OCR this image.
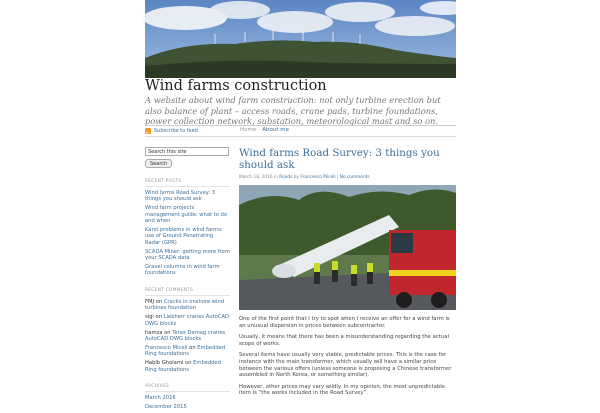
Wind farms construction
A website about wind farm construction: not only turbine erection but also balance of plant – access roads, crane pads, turbine foundations, power collection network, substation, meteorological mast and so on.
Subscribe to feed	Home About me
Search this site
Search
RECENT POSTS
Wind farms Road Survey: 3 things you should ask
Wind farm projects management guide: what to do and when
Karst problems in wind farms: use of Ground Penetrating Radar (GPR)
SCADA Miner: getting more from your SCADA data
Gravel columns in wind farm foundations
RECENT COMMENTS
FMJ on Cracks in onshore wind turbines foundation
sigi on Liebherr cranes AutoCAD DWG blocks
hamza on Terex Demag cranes AutoCAD DWG blocks
Francesco Miceli on Embedded Ring foundations
Habib Gholami on Embedded Ring foundations
ARCHIVES
March 2016
December 2015
Wind farms Road Survey: 3 things you should ask
March 18, 2016 in Roads by Francesco Miceli | No comments

One of the first point that I try to spot when I receive an offer for a wind farm is an unusual dispersion in prices between subcontractor.

Usually, it means that there has been a misunderstanding regarding the actual scope of works.

Several items have usually very stable, predictable prices. This is the case for instance with the main transformer, which usually will have a similar price between the various offers (unless someone is proposing a Chinese transformer assembled in North Korea, or something similar).

However, other prices may vary wildly. In my opinion, the most unpredictable item is “the works included in the Road Survey”.
